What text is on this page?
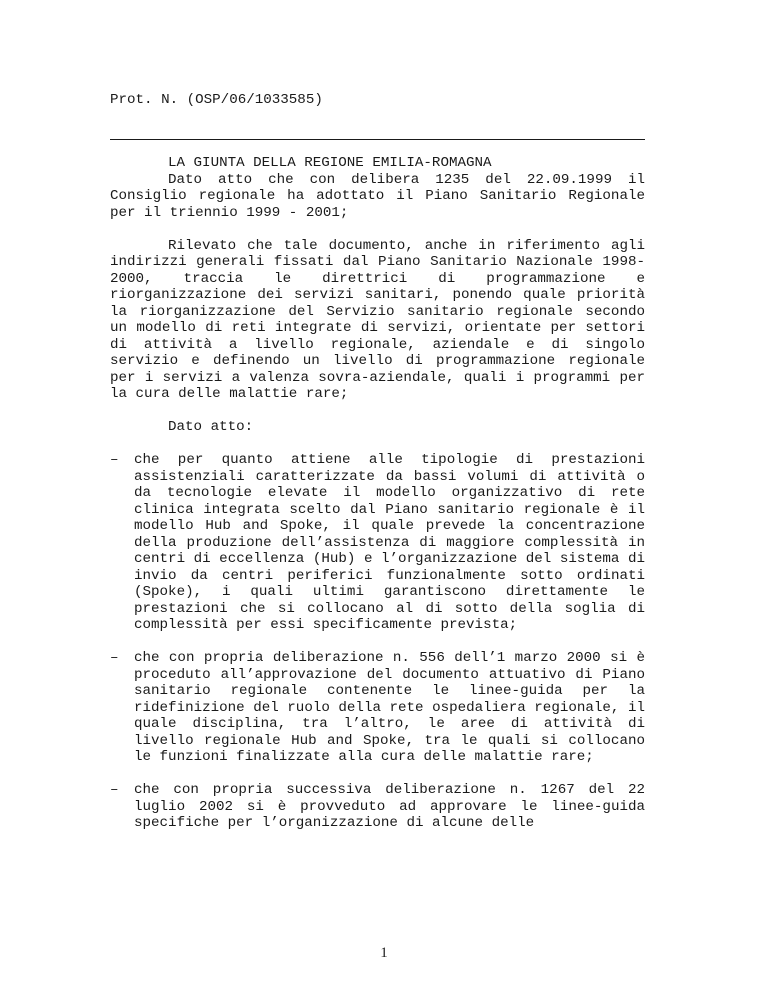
Prot. N. (OSP/06/1033585)

LA GIUNTA DELLA REGIONE EMILIA-ROMAGNA

Dato atto che con delibera 1235 del 22.09.1999 il Consiglio regionale ha adottato il Piano Sanitario Regionale per il triennio 1999 - 2001;

Rilevato che tale documento, anche in riferimento agli indirizzi generali fissati dal Piano Sanitario Nazionale 1998-2000, traccia le direttrici di programmazione e riorganizzazione dei servizi sanitari, ponendo quale priorità la riorganizzazione del Servizio sanitario regionale secondo un modello di reti integrate di servizi, orientate per settori di attività a livello regionale, aziendale e di singolo servizio e definendo un livello di programmazione regionale per i servizi a valenza sovra-aziendale, quali i programmi per la cura delle malattie rare;

Dato atto:

– che per quanto attiene alle tipologie di prestazioni assistenziali caratterizzate da bassi volumi di attività o da tecnologie elevate il modello organizzativo di rete clinica integrata scelto dal Piano sanitario regionale è il modello Hub and Spoke, il quale prevede la concentrazione della produzione dell’assistenza di maggiore complessità in centri di eccellenza (Hub) e l’organizzazione del sistema di invio da centri periferici funzionalmente sotto ordinati (Spoke), i quali ultimi garantiscono direttamente le prestazioni che si collocano al di sotto della soglia di complessità per essi specificamente prevista;
– che con propria deliberazione n. 556 dell’1 marzo 2000 si è proceduto all’approvazione del documento attuativo di Piano sanitario regionale contenente le linee-guida per la ridefinizione del ruolo della rete ospedaliera regionale, il quale disciplina, tra l’altro, le aree di attività di livello regionale Hub and Spoke, tra le quali si collocano le funzioni finalizzate alla cura delle malattie rare;
– che con propria successiva deliberazione n. 1267 del 22 luglio 2002 si è provveduto ad approvare le linee-guida specifiche per l’organizzazione di alcune delle
1
